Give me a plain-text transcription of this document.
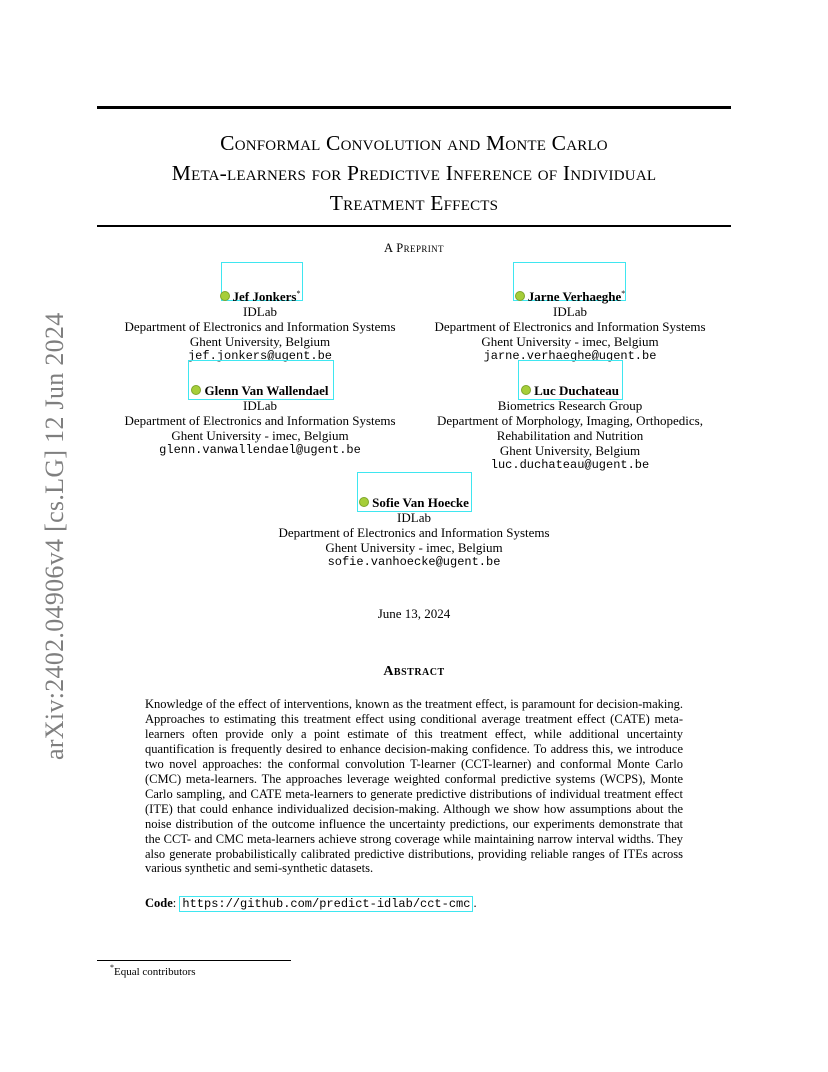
Conformal Convolution and Monte Carlo
Meta-learners for Predictive Inference of Individual
Treatment Effects
arXiv:2402.04906v4 [cs.LG] 12 Jun 2024
A Preprint
Jef Jonkers*
IDLab
Department of Electronics and Information Systems
Ghent University, Belgium
jef.jonkers@ugent.be
Jarne Verhaeghe*
IDLab
Department of Electronics and Information Systems
Ghent University - imec, Belgium
jarne.verhaeghe@ugent.be
Glenn Van Wallendael
IDLab
Department of Electronics and Information Systems
Ghent University - imec, Belgium
glenn.vanwallendael@ugent.be
Luc Duchateau
Biometrics Research Group
Department of Morphology, Imaging, Orthopedics,
Rehabilitation and Nutrition
Ghent University, Belgium
luc.duchateau@ugent.be
Sofie Van Hoecke
IDLab
Department of Electronics and Information Systems
Ghent University - imec, Belgium
sofie.vanhoecke@ugent.be
June 13, 2024
Abstract
Knowledge of the effect of interventions, known as the treatment effect, is paramount for decision-making. Approaches to estimating this treatment effect using conditional average treatment effect (CATE) meta-learners often provide only a point estimate of this treatment effect, while additional uncertainty quantification is frequently desired to enhance decision-making confidence. To address this, we introduce two novel approaches: the conformal convolution T-learner (CCT-learner) and conformal Monte Carlo (CMC) meta-learners. The approaches leverage weighted conformal predictive systems (WCPS), Monte Carlo sampling, and CATE meta-learners to generate predictive distributions of individual treatment effect (ITE) that could enhance individualized decision-making. Although we show how assumptions about the noise distribution of the outcome influence the uncertainty predictions, our experiments demonstrate that the CCT- and CMC meta-learners achieve strong coverage while maintaining narrow interval widths. They also generate probabilistically calibrated predictive distributions, providing reliable ranges of ITEs across various synthetic and semi-synthetic datasets.
Code: https://github.com/predict-idlab/cct-cmc .
*Equal contributors
